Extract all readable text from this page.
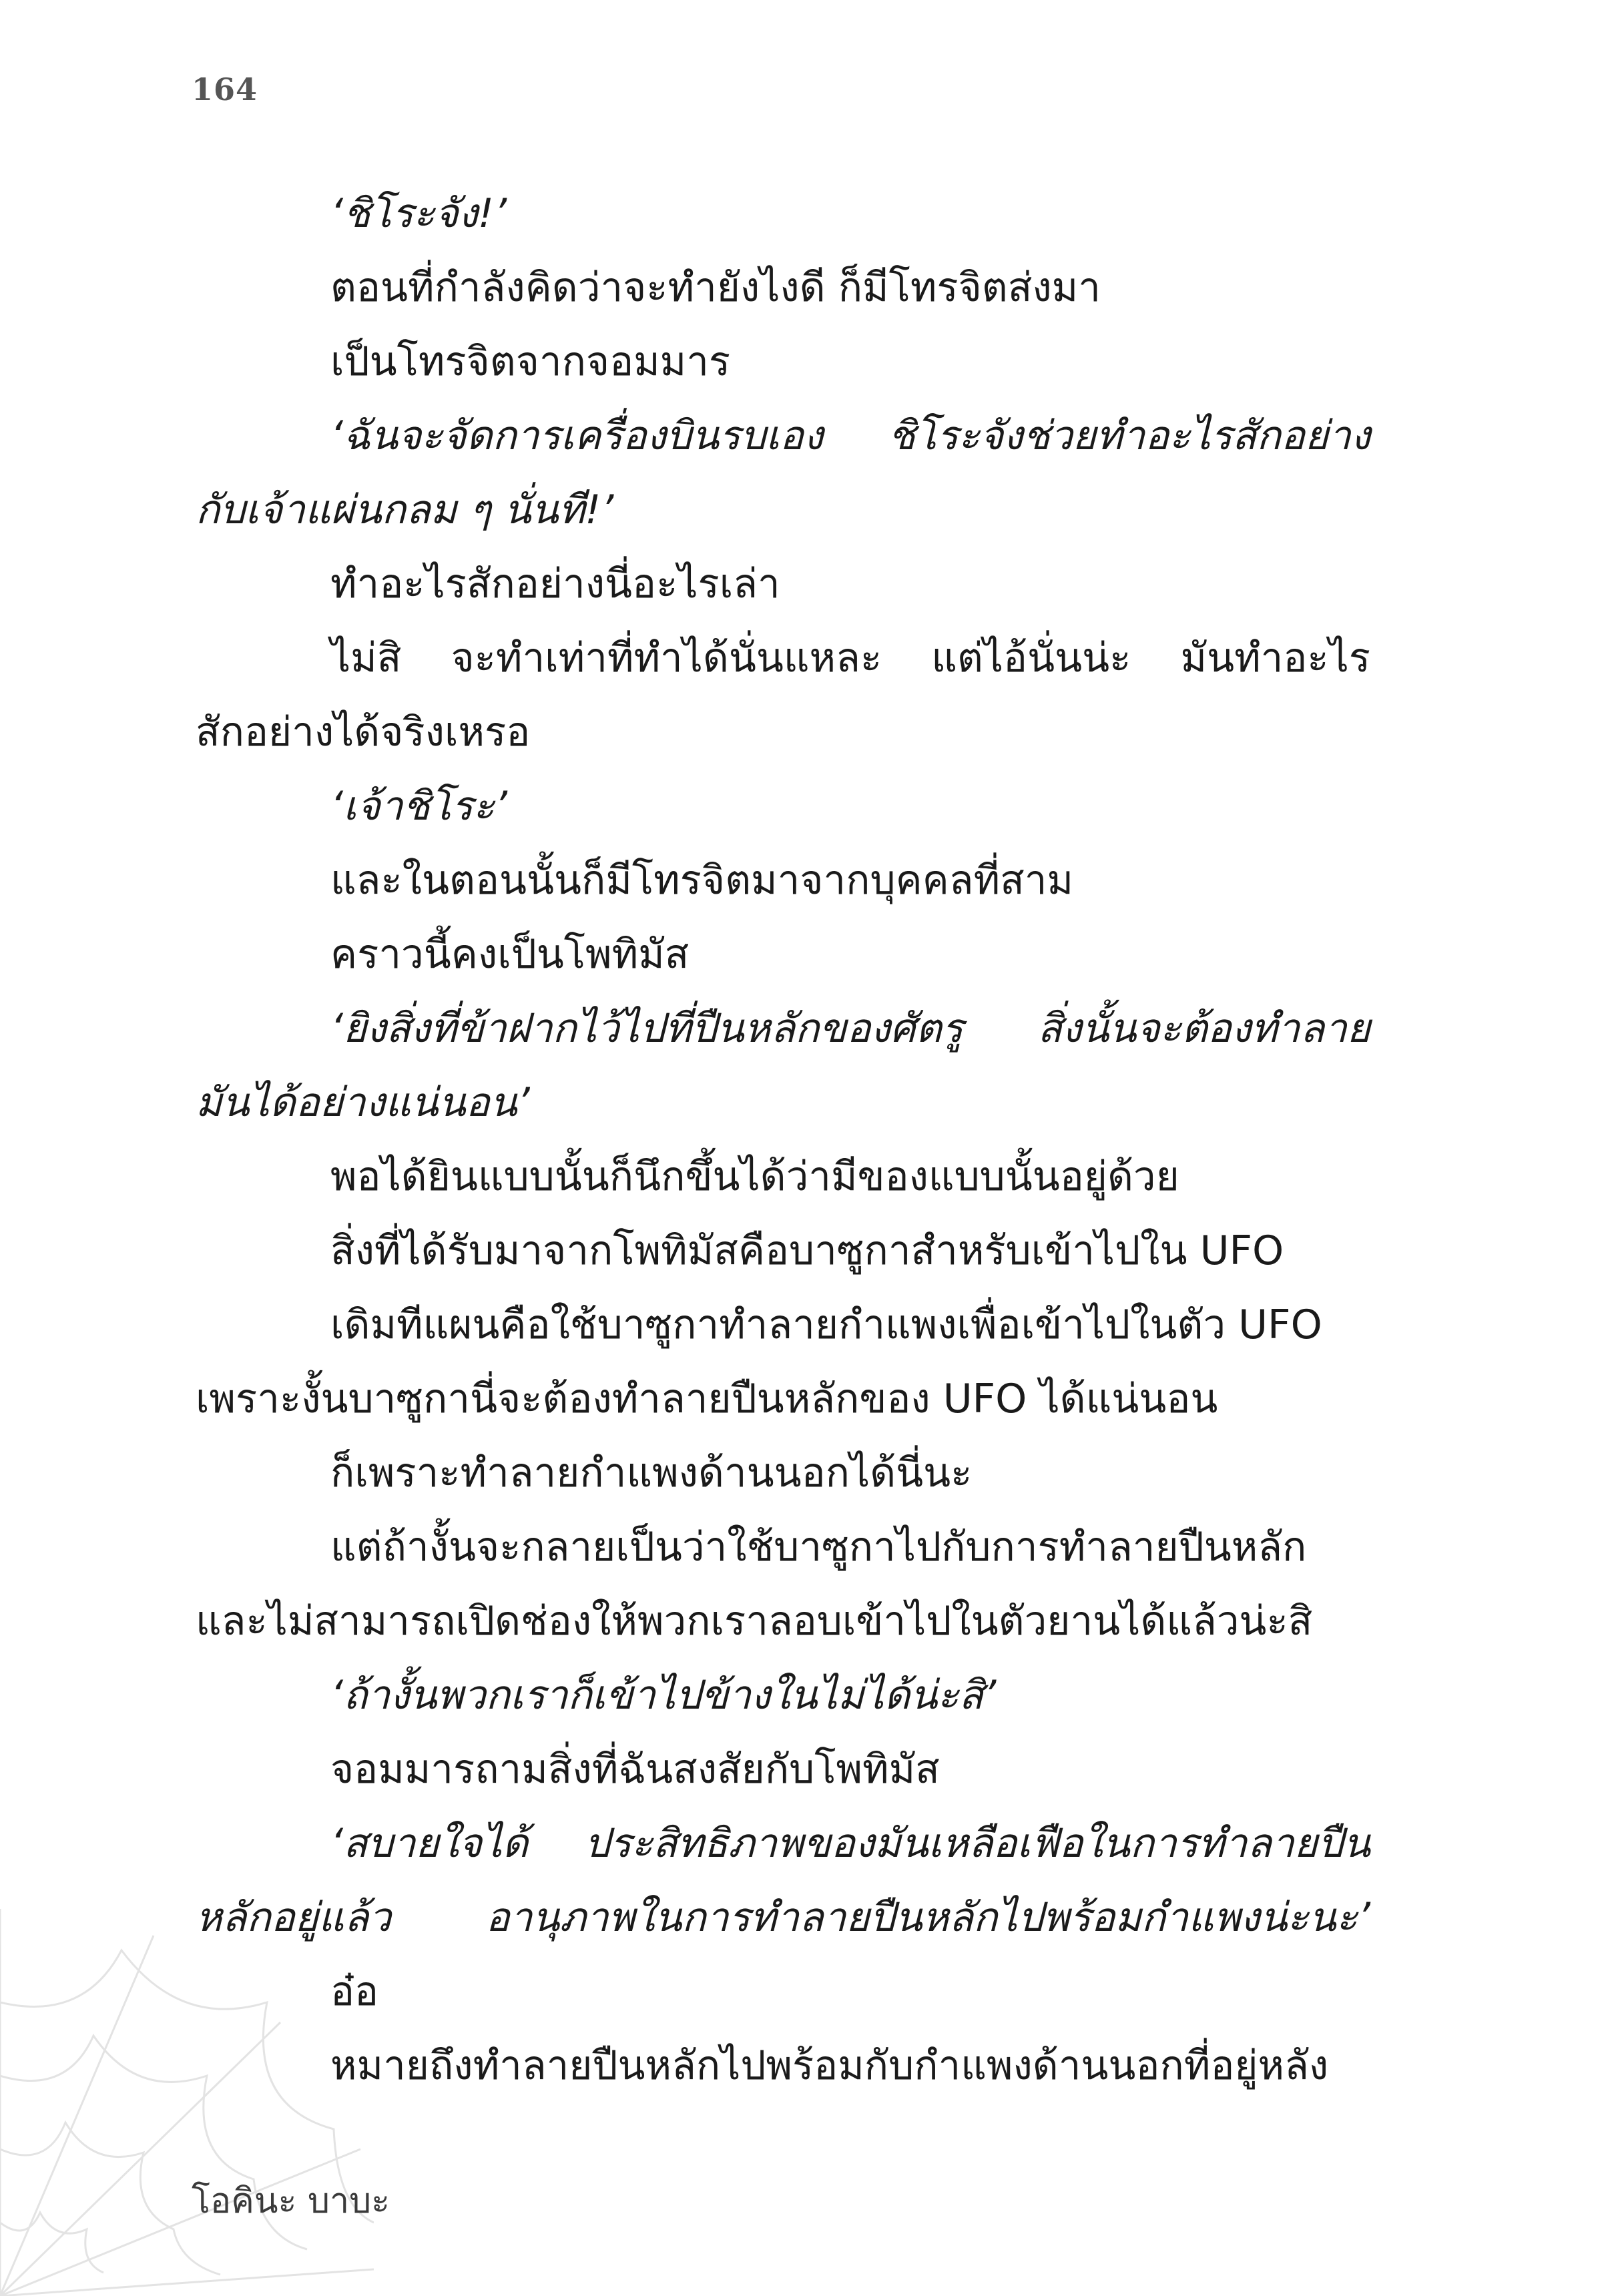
164
‘ชิโระจัง!’
ตอนที่กำลังคิดว่าจะทำยังไงดี ก็มีโทรจิตส่งมา
เป็นโทรจิตจากจอมมาร
‘ฉันจะจัดการเครื่องบินรบเอง ชิโระจังช่วยทำอะไรสักอย่าง
กับเจ้าแผ่นกลม ๆ นั่นที!’
ทำอะไรสักอย่างนี่อะไรเล่า
ไม่สิ จะทำเท่าที่ทำได้นั่นแหละ แต่ไอ้นั่นน่ะ มันทำอะไร
สักอย่างได้จริงเหรอ
‘เจ้าชิโระ’
และในตอนนั้นก็มีโทรจิตมาจากบุคคลที่สาม
คราวนี้คงเป็นโพทิมัส
‘ยิงสิ่งที่ข้าฝากไว้ไปที่ปืนหลักของศัตรู สิ่งนั้นจะต้องทำลาย
มันได้อย่างแน่นอน’
พอได้ยินแบบนั้นก็นึกขึ้นได้ว่ามีของแบบนั้นอยู่ด้วย
สิ่งที่ได้รับมาจากโพทิมัสคือบาซูกาสำหรับเข้าไปใน UFO
เดิมทีแผนคือใช้บาซูกาทำลายกำแพงเพื่อเข้าไปในตัว UFO
เพราะงั้นบาซูกานี่จะต้องทำลายปืนหลักของ UFO ได้แน่นอน
ก็เพราะทำลายกำแพงด้านนอกได้นี่นะ
แต่ถ้างั้นจะกลายเป็นว่าใช้บาซูกาไปกับการทำลายปืนหลัก
และไม่สามารถเปิดช่องให้พวกเราลอบเข้าไปในตัวยานได้แล้วน่ะสิ
‘ถ้างั้นพวกเราก็เข้าไปข้างในไม่ได้น่ะสิ’
จอมมารถามสิ่งที่ฉันสงสัยกับโพทิมัส
‘สบายใจได้ ประสิทธิภาพของมันเหลือเฟือในการทำลายปืน
หลักอยู่แล้ว อานุภาพในการทำลายปืนหลักไปพร้อมกำแพงน่ะนะ’
อ๋อ
หมายถึงทำลายปืนหลักไปพร้อมกับกำแพงด้านนอกที่อยู่หลัง
โอคินะ บาบะ
